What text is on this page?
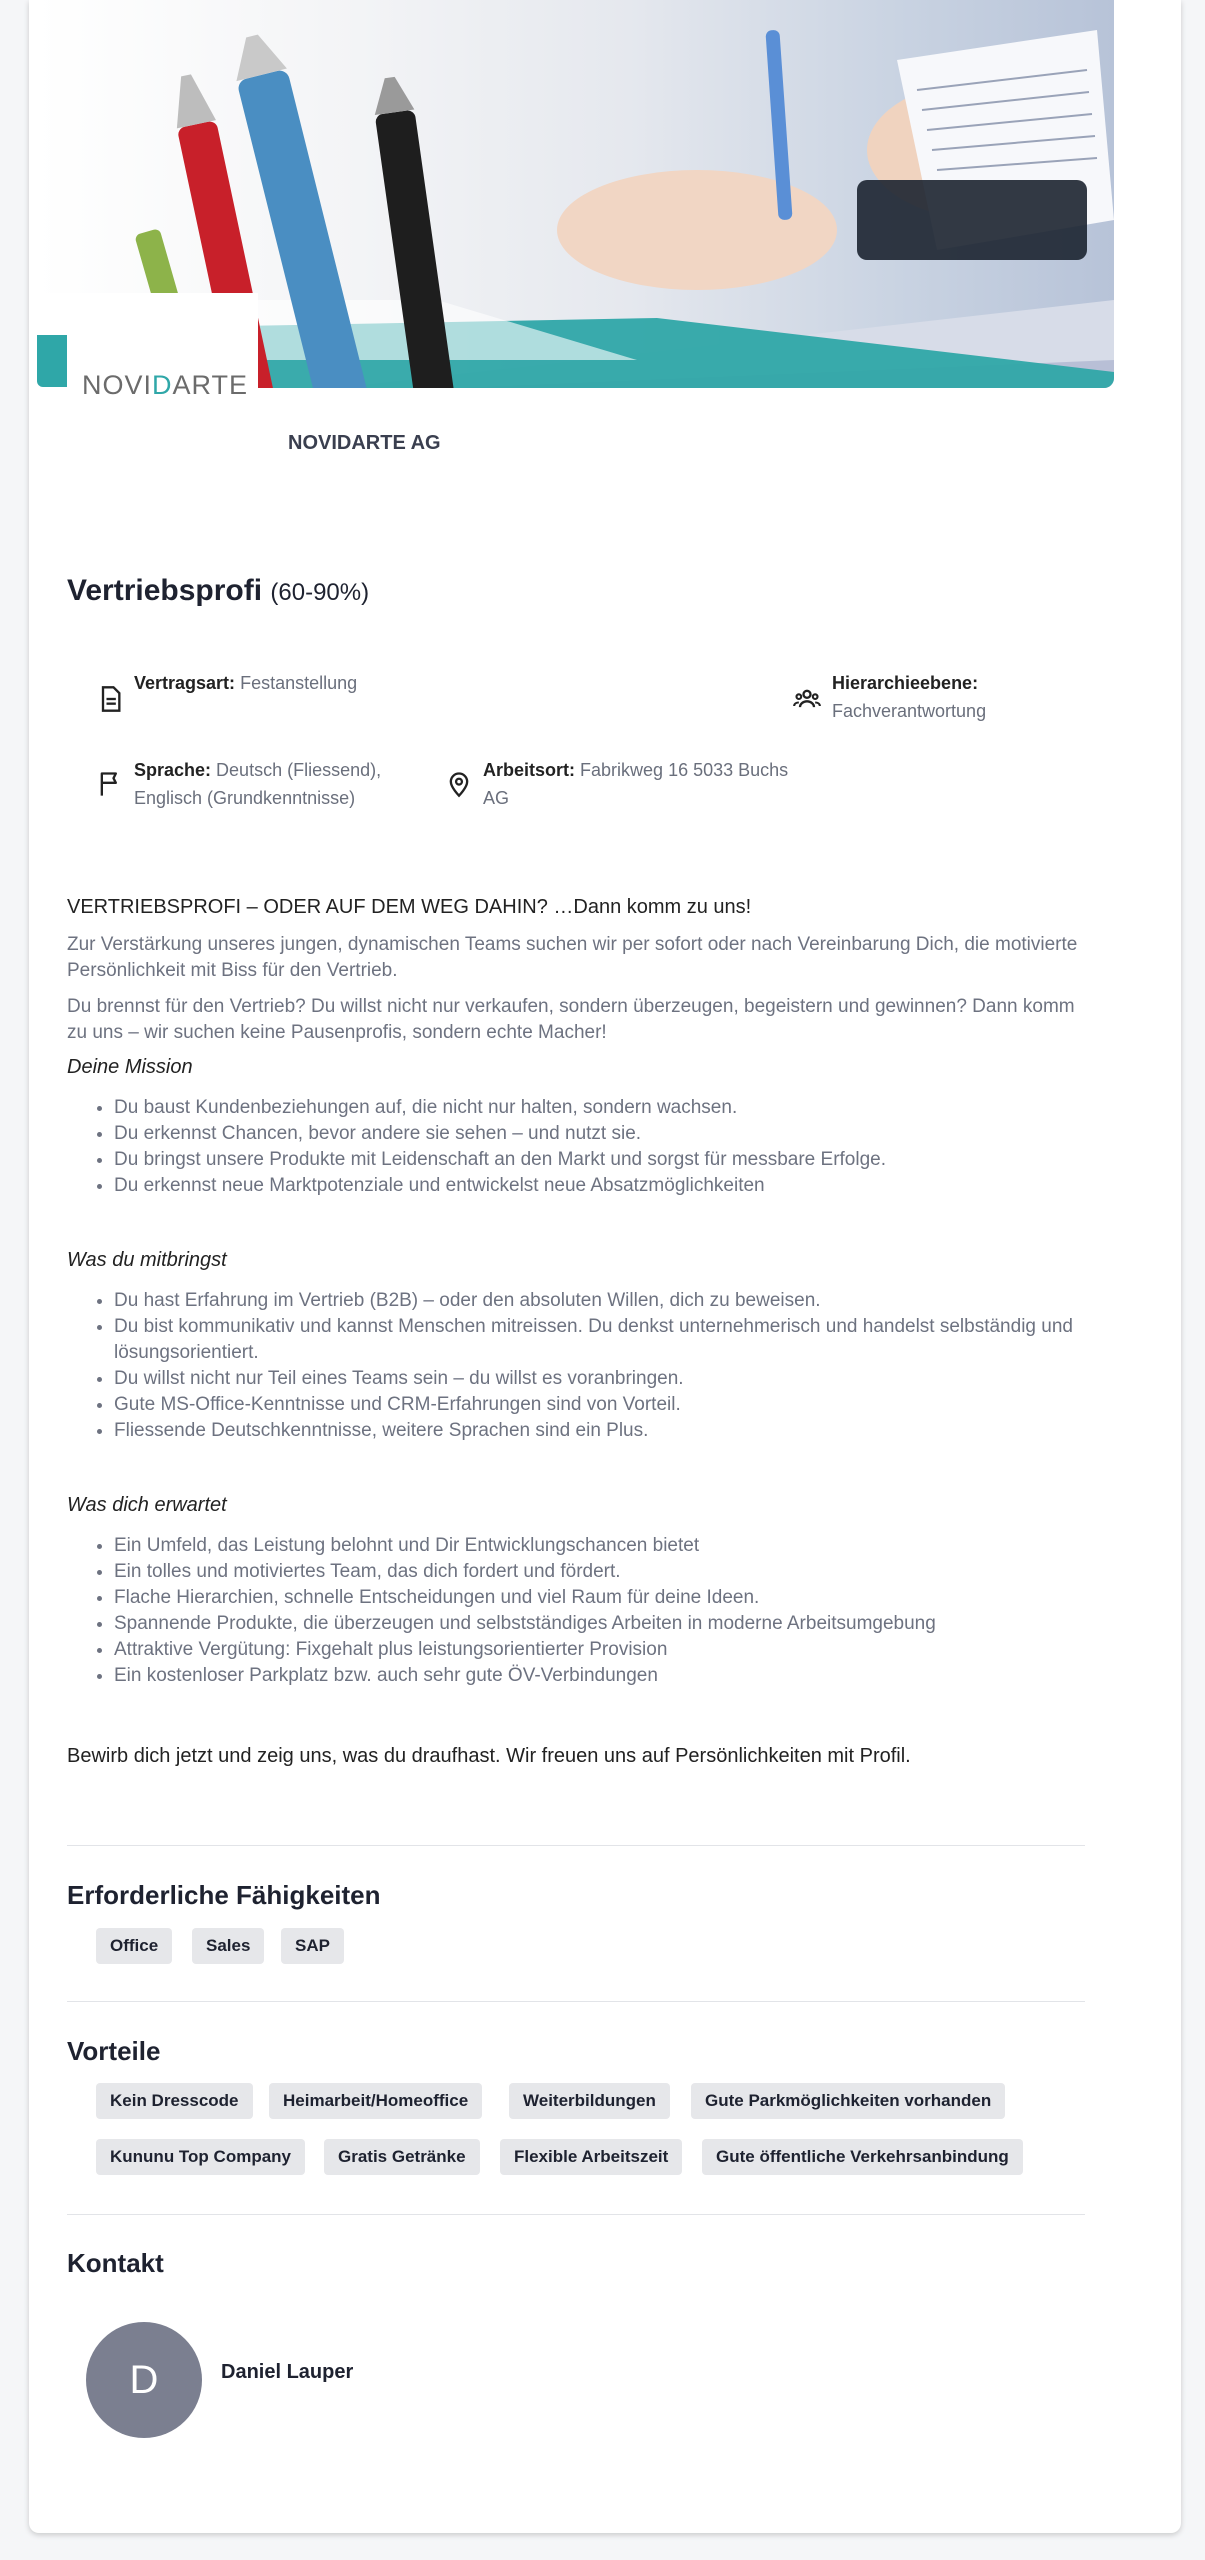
NOVIDARTE
NOVIDARTE AG
Vertriebsprofi (60-90%)
Vertragsart: Festanstellung	Hierarchieebene:
Fachverantwortung
Sprache: Deutsch (Fliessend),
Englisch (Grundkenntnisse)
Arbeitsort: Fabrikweg 16 5033 Buchs
AG
VERTRIEBSPROFI – ODER AUF DEM WEG DAHIN? …Dann komm zu uns!

Zur Verstärkung unseres jungen, dynamischen Teams suchen wir per sofort oder nach Vereinbarung Dich, die motivierte Persönlichkeit mit Biss für den Vertrieb.

Du brennst für den Vertrieb? Du willst nicht nur verkaufen, sondern überzeugen, begeistern und gewinnen? Dann komm zu uns – wir suchen keine Pausenprofis, sondern echte Macher!

Deine Mission
• Du baust Kundenbeziehungen auf, die nicht nur halten, sondern wachsen.
• Du erkennst Chancen, bevor andere sie sehen – und nutzt sie.
• Du bringst unsere Produkte mit Leidenschaft an den Markt und sorgst für messbare Erfolge.
• Du erkennst neue Marktpotenziale und entwickelst neue Absatzmöglichkeiten
Was du mitbringst
• Du hast Erfahrung im Vertrieb (B2B) – oder den absoluten Willen, dich zu beweisen.
• Du bist kommunikativ und kannst Menschen mitreissen. Du denkst unternehmerisch und handelst selbständig und lösungsorientiert.
• Du willst nicht nur Teil eines Teams sein – du willst es voranbringen.
• Gute MS-Office-Kenntnisse und CRM-Erfahrungen sind von Vorteil.
• Fliessende Deutschkenntnisse, weitere Sprachen sind ein Plus.
Was dich erwartet
• Ein Umfeld, das Leistung belohnt und Dir Entwicklungschancen bietet
• Ein tolles und motiviertes Team, das dich fordert und fördert.
• Flache Hierarchien, schnelle Entscheidungen und viel Raum für deine Ideen.
• Spannende Produkte, die überzeugen und selbstständiges Arbeiten in moderne Arbeitsumgebung
• Attraktive Vergütung: Fixgehalt plus leistungsorientierter Provision
• Ein kostenloser Parkplatz bzw. auch sehr gute ÖV-Verbindungen
Bewirb dich jetzt und zeig uns, was du draufhast. Wir freuen uns auf Persönlichkeiten mit Profil.
Erforderliche Fähigkeiten
Office	Sales	SAP
Vorteile
Kein Dresscode	Heimarbeit/Homeoffice	Weiterbildungen	Gute Parkmöglichkeiten vorhanden
Kununu Top Company	Gratis Getränke	Flexible Arbeitszeit	Gute öffentliche Verkehrsanbindung
Kontakt
D	Daniel Lauper
